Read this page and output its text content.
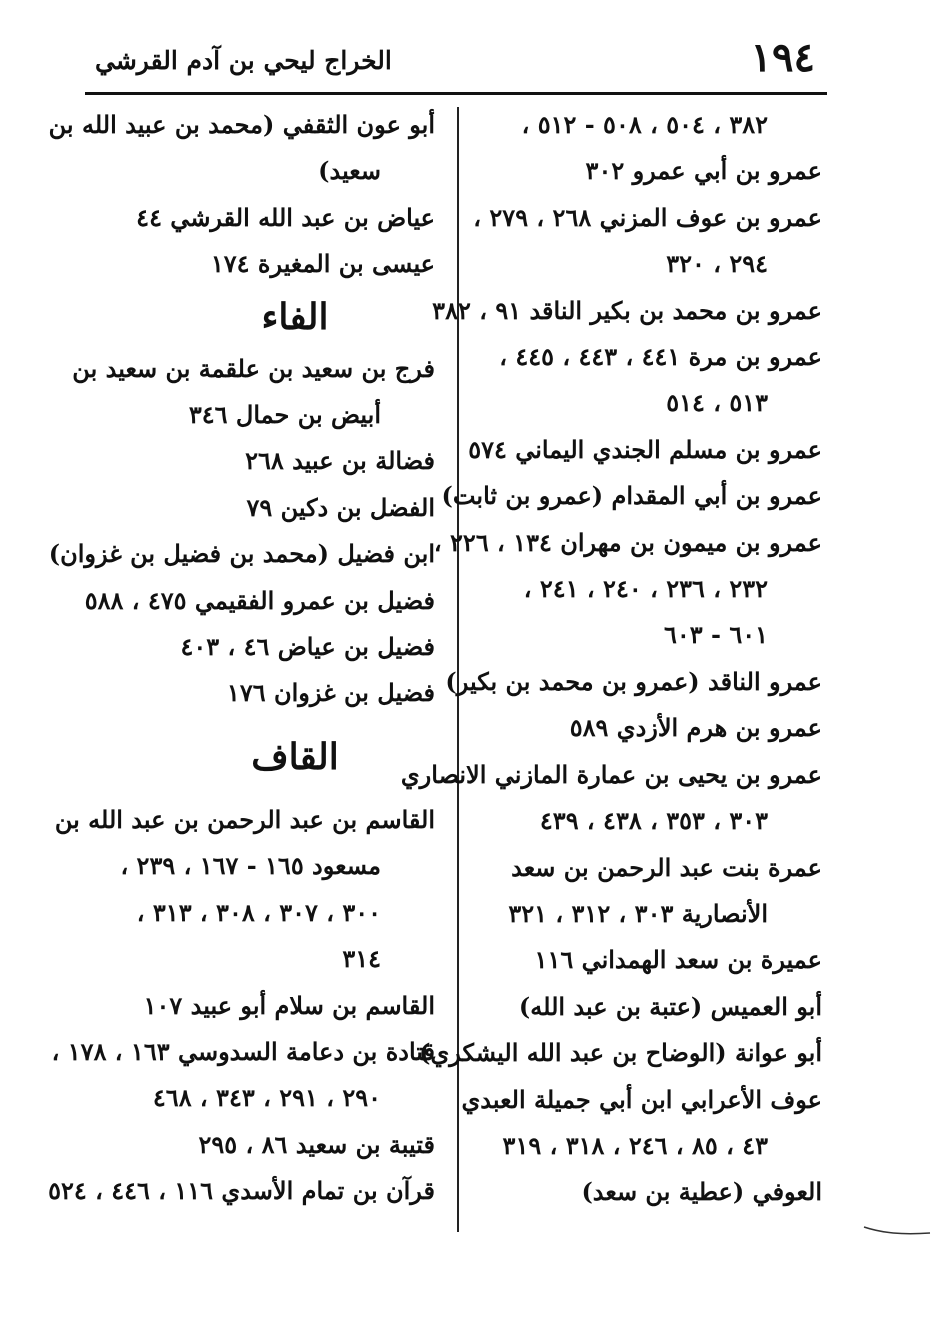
١٩٤
الخراج ليحي بن آدم القرشي
٣٨٢ ، ٥٠٤ ، ٥٠٨ - ٥١٢ ،
عمرو بن أبي عمرو ٣٠٢
عمرو بن عوف المزني ٢٦٨ ، ٢٧٩ ،
٢٩٤ ، ٣٢٠
عمرو بن محمد بن بكير الناقد ٩١ ، ٣٨٢
عمرو بن مرة ٤٤١ ، ٤٤٣ ، ٤٤٥ ،
٥١٣ ، ٥١٤
عمرو بن مسلم الجندي اليماني ٥٧٤
عمرو بن أبي المقدام (عمرو بن ثابت)
عمرو بن ميمون بن مهران ١٣٤ ، ٢٢٦ ،
٢٣٢ ، ٢٣٦ ، ٢٤٠ ، ٢٤١ ،
٦٠١ - ٦٠٣
عمرو الناقد (عمرو بن محمد بن بكير)
عمرو بن هرم الأزدي ٥٨٩
عمرو بن يحيى بن عمارة المازني الانصاري
٣٠٣ ، ٣٥٣ ، ٤٣٨ ، ٤٣٩
عمرة بنت عبد الرحمن بن سعد
الأنصارية ٣٠٣ ، ٣١٢ ، ٣٢١
عميرة بن سعد الهمداني ١١٦
أبو العميس (عتبة بن عبد الله)
أبو عوانة (الوضاح بن عبد الله اليشكري)
عوف الأعرابي ابن أبي جميلة العبدي
٤٣ ، ٨٥ ، ٢٤٦ ، ٣١٨ ، ٣١٩
العوفي (عطية بن سعد)
أبو عون الثقفي (محمد بن عبيد الله بن
سعيد)
عياض بن عبد الله القرشي ٤٤
عيسى بن المغيرة ١٧٤
الفاء
فرج بن سعيد بن علقمة بن سعيد بن
أبيض بن حمال ٣٤٦
فضالة بن عبيد ٢٦٨
الفضل بن دكين ٧٩
ابن فضيل (محمد بن فضيل بن غزوان)
فضيل بن عمرو الفقيمي ٤٧٥ ، ٥٨٨
فضيل بن عياض ٤٦ ، ٤٠٣
فضيل بن غزوان ١٧٦
القاف
القاسم بن عبد الرحمن بن عبد الله بن
مسعود ١٦٥ - ١٦٧ ، ٢٣٩ ،
٣٠٠ ، ٣٠٧ ، ٣٠٨ ، ٣١٣ ،
٣١٤
القاسم بن سلام أبو عبيد ١٠٧
قتادة بن دعامة السدوسي ١٦٣ ، ١٧٨ ،
٢٩٠ ، ٢٩١ ، ٣٤٣ ، ٤٦٨
قتيبة بن سعيد ٨٦ ، ٢٩٥
قرآن بن تمام الأسدي ١١٦ ، ٤٤٦ ، ٥٢٤
